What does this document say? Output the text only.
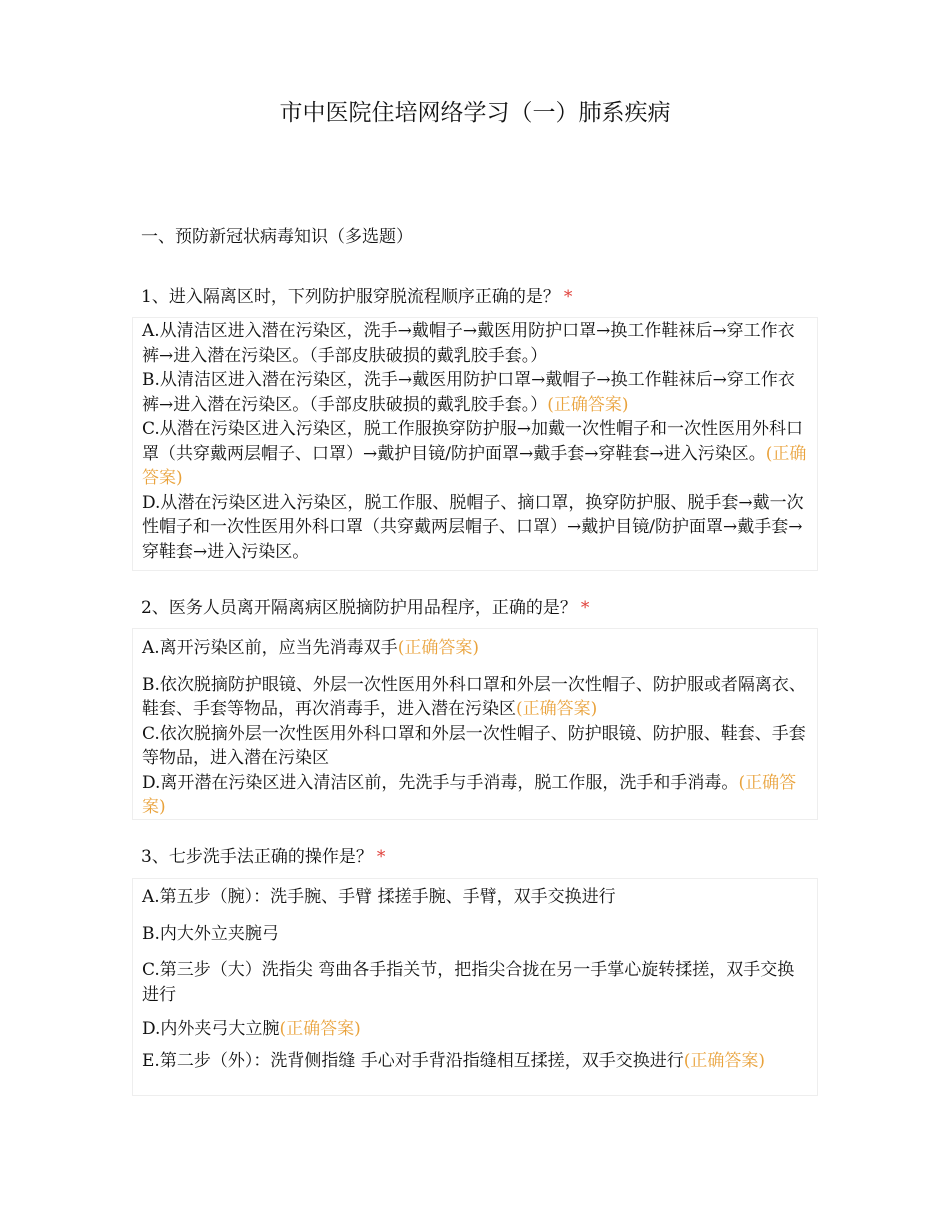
市中医院住培网络学习（一）肺系疾病

一、预防新冠状病毒知识（多选题）

1、进入隔离区时，下列防护服穿脱流程顺序正确的是？ *

A.从清洁区进入潜在污染区，洗手→戴帽子→戴医用防护口罩→换工作鞋袜后→穿工作衣裤→进入潜在污染区。（手部皮肤破损的戴乳胶手套。）

B.从清洁区进入潜在污染区，洗手→戴医用防护口罩→戴帽子→换工作鞋袜后→穿工作衣裤→进入潜在污染区。（手部皮肤破损的戴乳胶手套。）(正确答案)

C.从潜在污染区进入污染区，脱工作服换穿防护服→加戴一次性帽子和一次性医用外科口罩（共穿戴两层帽子、口罩）→戴护目镜/防护面罩→戴手套→穿鞋套→进入污染区。(正确答案)

D.从潜在污染区进入污染区，脱工作服、脱帽子、摘口罩，换穿防护服、脱手套→戴一次性帽子和一次性医用外科口罩（共穿戴两层帽子、口罩）→戴护目镜/防护面罩→戴手套→穿鞋套→进入污染区。

2、医务人员离开隔离病区脱摘防护用品程序，正确的是？ *

A.离开污染区前，应当先消毒双手(正确答案)

B.依次脱摘防护眼镜、外层一次性医用外科口罩和外层一次性帽子、防护服或者隔离衣、鞋套、手套等物品，再次消毒手，进入潜在污染区(正确答案)

C.依次脱摘外层一次性医用外科口罩和外层一次性帽子、防护眼镜、防护服、鞋套、手套等物品，进入潜在污染区

D.离开潜在污染区进入清洁区前，先洗手与手消毒，脱工作服，洗手和手消毒。(正确答案)

3、七步洗手法正确的操作是？ *

A.第五步（腕）：洗手腕、手臂 揉搓手腕、手臂，双手交换进行

B.内大外立夹腕弓

C.第三步（大）洗指尖 弯曲各手指关节，把指尖合拢在另一手掌心旋转揉搓，双手交换进行

D.内外夹弓大立腕(正确答案)

E.第二步（外）：洗背侧指缝 手心对手背沿指缝相互揉搓，双手交换进行(正确答案)
